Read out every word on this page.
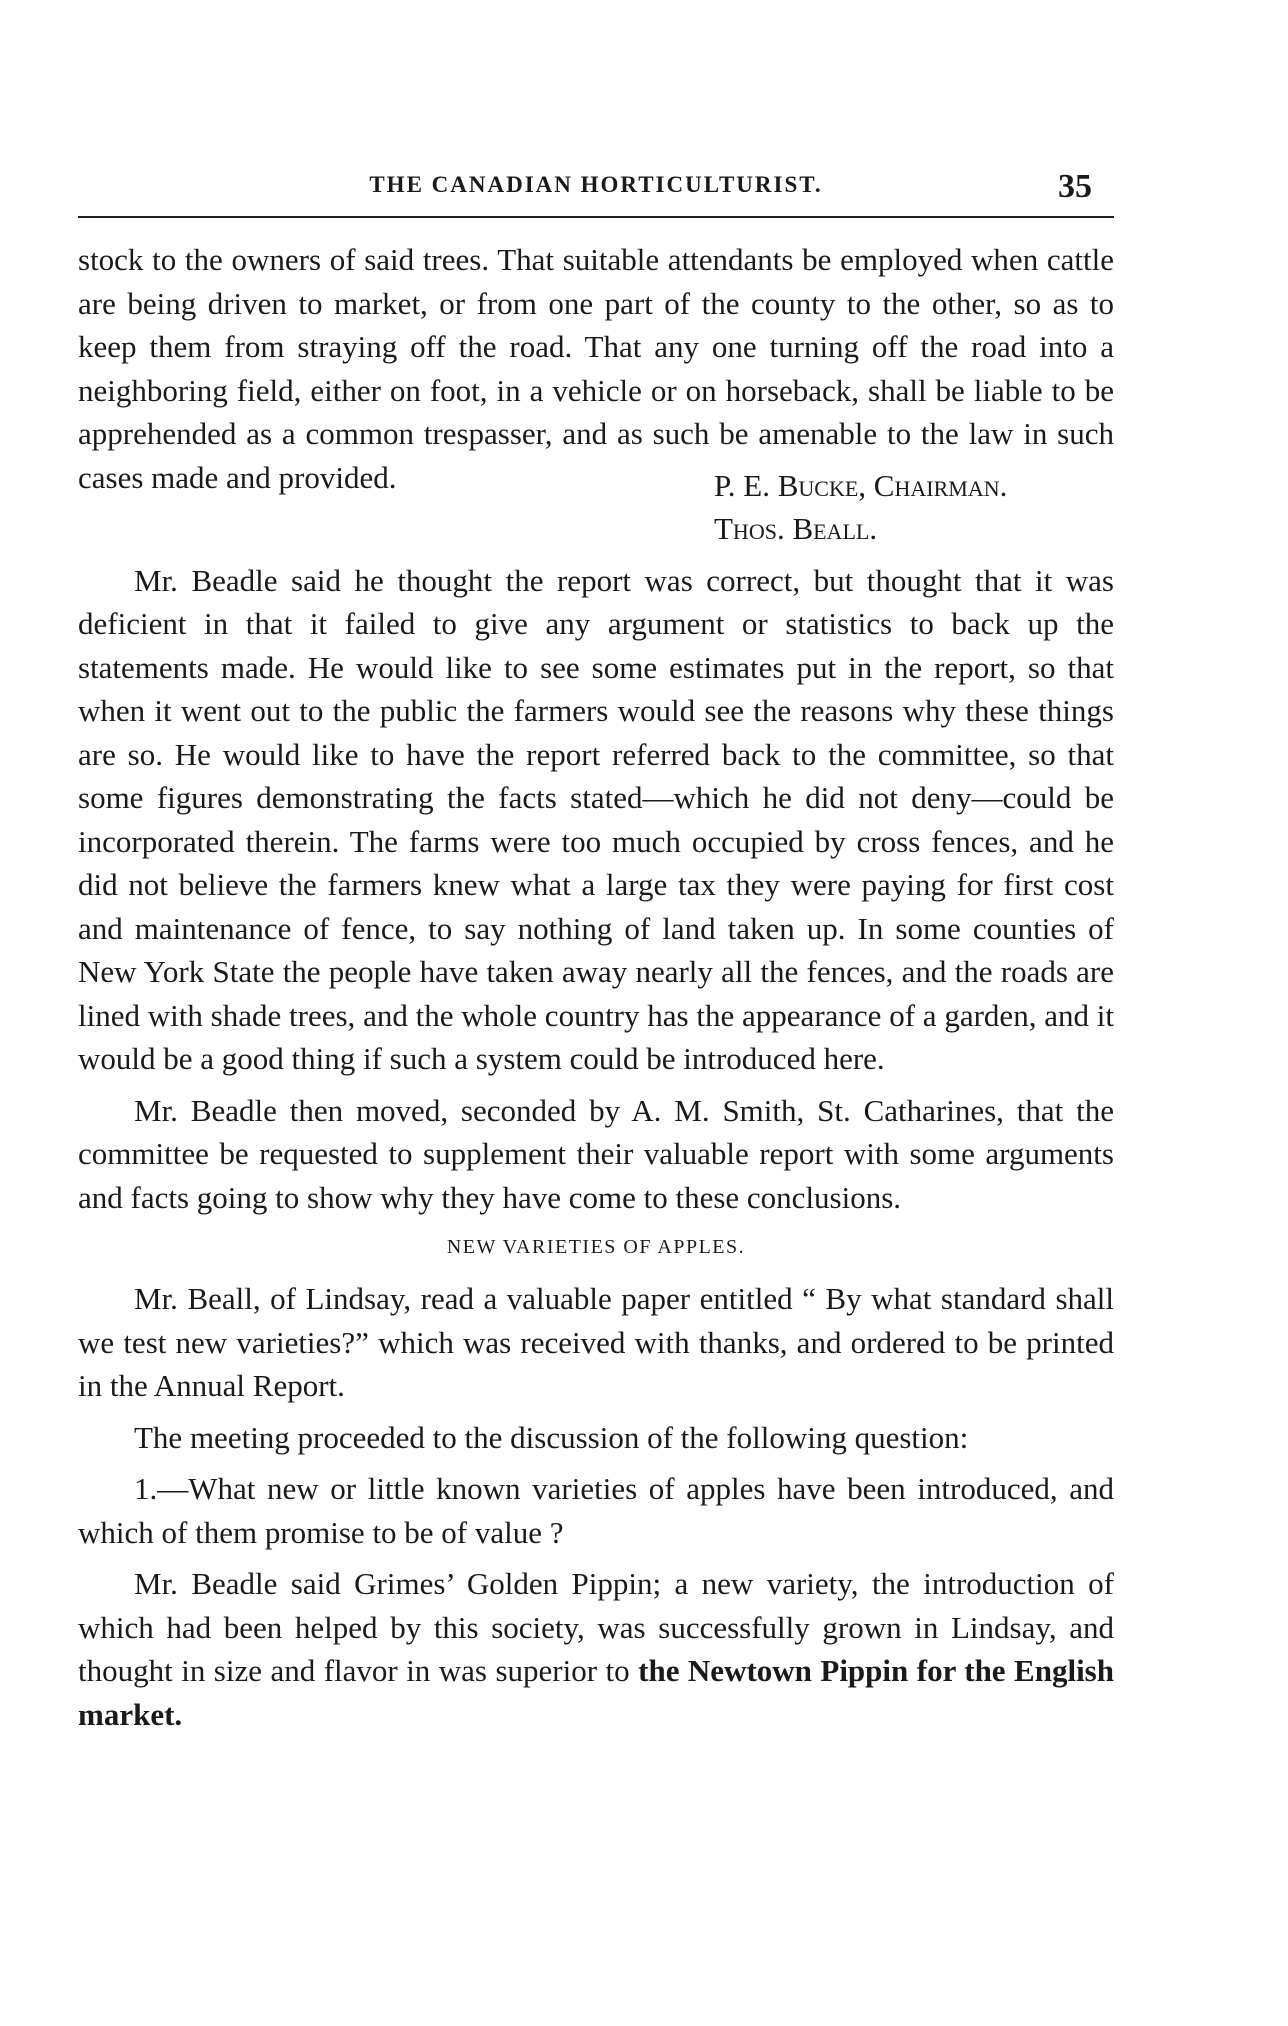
THE CANADIAN HORTICULTURIST.	35

stock to the owners of said trees. That suitable attendants be employed when cattle are being driven to market, or from one part of the county to the other, so as to keep them from straying off the road. That any one turning off the road into a neighboring field, either on foot, in a vehicle or on horseback, shall be liable to be apprehended as a common trespasser, and as such be amenable to the law in such cases made and provided.	P. E. Bucke, Chairman.
Thos. Beall.

Mr. Beadle said he thought the report was correct, but thought that it was deficient in that it failed to give any argument or statistics to back up the statements made. He would like to see some estimates put in the report, so that when it went out to the public the farmers would see the reasons why these things are so. He would like to have the report referred back to the committee, so that some figures demonstrating the facts stated—which he did not deny—could be incorporated therein. The farms were too much occupied by cross fences, and he did not believe the farmers knew what a large tax they were paying for first cost and maintenance of fence, to say nothing of land taken up. In some counties of New York State the people have taken away nearly all the fences, and the roads are lined with shade trees, and the whole country has the appearance of a garden, and it would be a good thing if such a system could be introduced here.

Mr. Beadle then moved, seconded by A. M. Smith, St. Catharines, that the committee be requested to supplement their valuable report with some arguments and facts going to show why they have come to these conclusions.

NEW VARIETIES OF APPLES.

Mr. Beall, of Lindsay, read a valuable paper entitled “ By what standard shall we test new varieties?” which was received with thanks, and ordered to be printed in the Annual Report.

The meeting proceeded to the discussion of the following question:

1.—What new or little known varieties of apples have been introduced, and which of them promise to be of value ?

Mr. Beadle said Grimes’ Golden Pippin; a new variety, the introduction of which had been helped by this society, was successfully grown in Lindsay, and thought in size and flavor in was superior to the Newtown Pippin for the English market.
